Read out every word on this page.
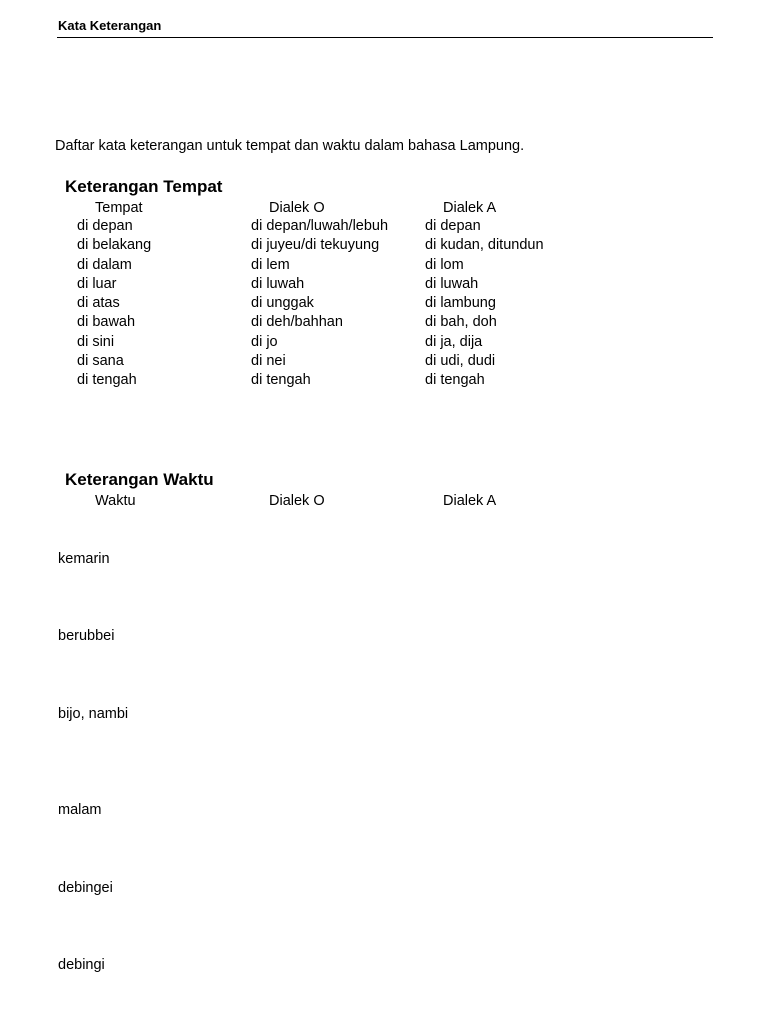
Kata Keterangan
Daftar kata keterangan untuk tempat dan waktu dalam bahasa Lampung.
Keterangan Tempat
Tempat	Dialek O	Dialek A
di depan	di depan/luwah/lebuh	di depan
di belakang	di juyeu/di tekuyung	di kudan, ditundun
di dalam	di lem	di lom
di luar	di luwah	di luwah
di atas	di unggak	di lambung
di bawah	di deh/bahhan	di bah, doh
di sini	di jo	di ja, dija
di sana	di nei	di udi, dudi
di tengah	di tengah	di tengah
Keterangan Waktu
Waktu	Dialek O	Dialek A
kemarin
berubbei
bijo, nambi
malam
debingei
debingi
